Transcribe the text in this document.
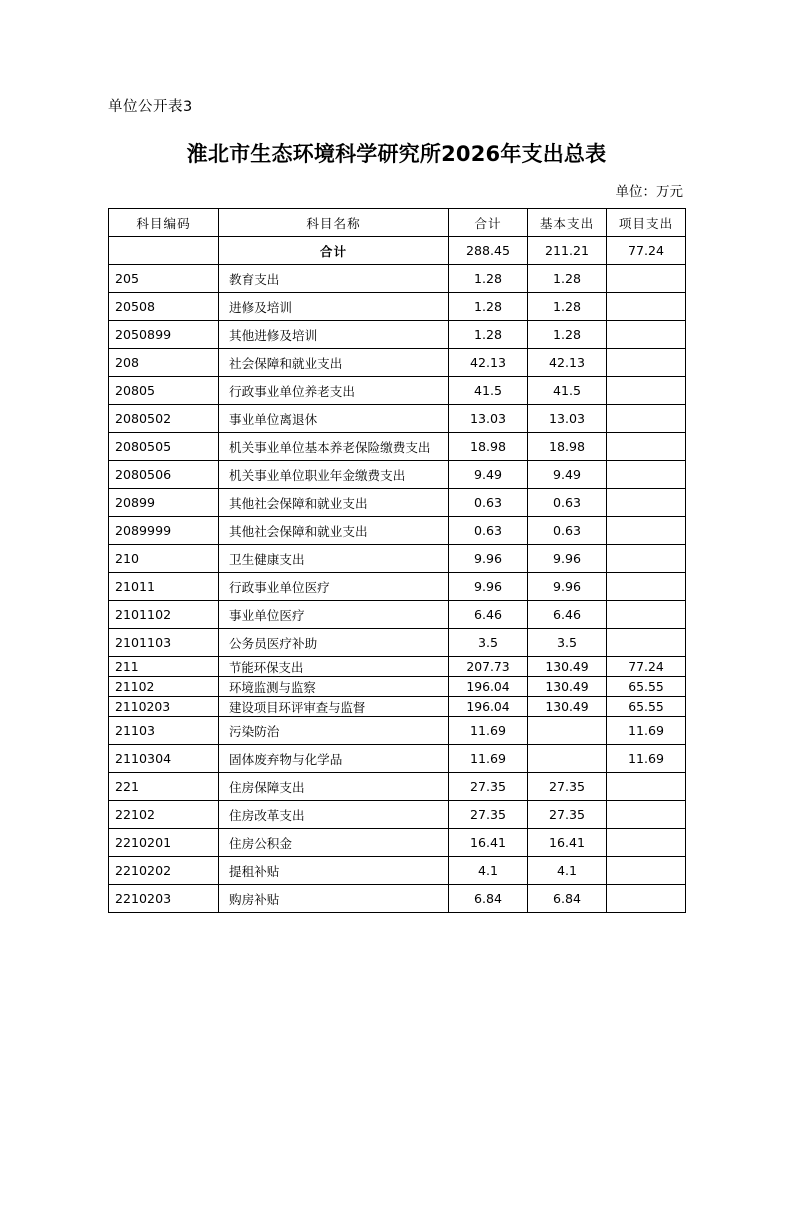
单位公开表3
淮北市生态环境科学研究所2026年支出总表
单位：万元
科目编码	科目名称	合计	基本支出	项目支出
	合计	288.45	211.21	77.24
205	教育支出	1.28	1.28	
20508	进修及培训	1.28	1.28	
2050899	其他进修及培训	1.28	1.28	
208	社会保障和就业支出	42.13	42.13	
20805	行政事业单位养老支出	41.5	41.5	
2080502	事业单位离退休	13.03	13.03	
2080505	机关事业单位基本养老保险缴费支出	18.98	18.98	
2080506	机关事业单位职业年金缴费支出	9.49	9.49	
20899	其他社会保障和就业支出	0.63	0.63	
2089999	其他社会保障和就业支出	0.63	0.63	
210	卫生健康支出	9.96	9.96	
21011	行政事业单位医疗	9.96	9.96	
2101102	事业单位医疗	6.46	6.46	
2101103	公务员医疗补助	3.5	3.5	
211	节能环保支出	207.73	130.49	77.24
21102	环境监测与监察	196.04	130.49	65.55
2110203	建设项目环评审查与监督	196.04	130.49	65.55
21103	污染防治	11.69		11.69
2110304	固体废弃物与化学品	11.69		11.69
221	住房保障支出	27.35	27.35	
22102	住房改革支出	27.35	27.35	
2210201	住房公积金	16.41	16.41	
2210202	提租补贴	4.1	4.1	
2210203	购房补贴	6.84	6.84	
